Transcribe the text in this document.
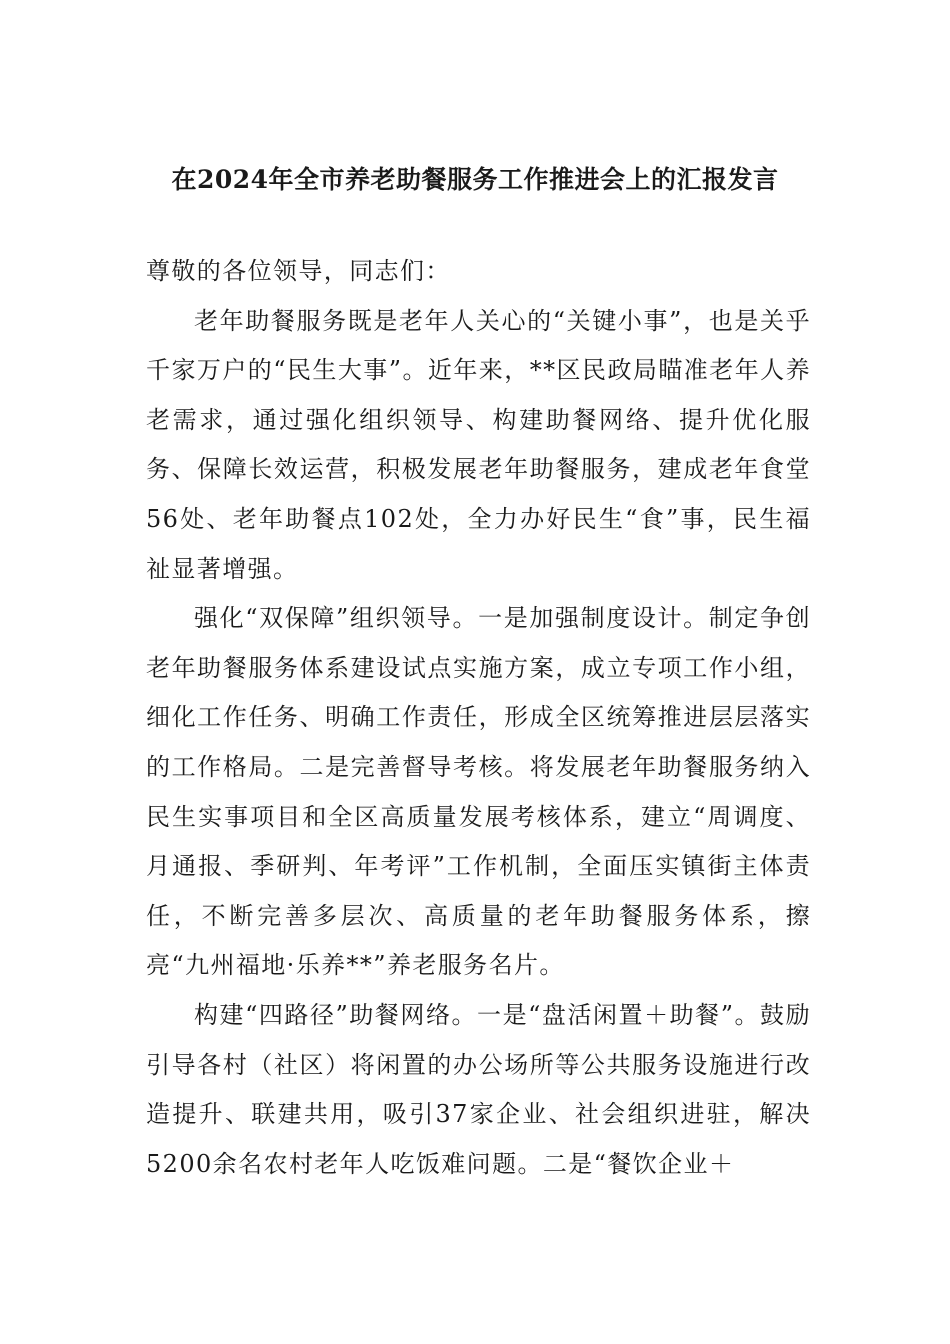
在2024年全市养老助餐服务工作推进会上的汇报发言

尊敬的各位领导，同志们：

老年助餐服务既是老年人关心的“关键小事”，也是关乎千家万户的“民生大事”。近年来，**区民政局瞄准老年人养老需求，通过强化组织领导、构建助餐网络、提升优化服务、保障长效运营，积极发展老年助餐服务，建成老年食堂56处、老年助餐点102处，全力办好民生“食”事，民生福祉显著增强。

强化“双保障”组织领导。一是加强制度设计。制定争创老年助餐服务体系建设试点实施方案，成立专项工作小组，细化工作任务、明确工作责任，形成全区统筹推进层层落实的工作格局。二是完善督导考核。将发展老年助餐服务纳入民生实事项目和全区高质量发展考核体系，建立“周调度、月通报、季研判、年考评”工作机制，全面压实镇街主体责任，不断完善多层次、高质量的老年助餐服务体系，擦亮“九州福地·乐养**”养老服务名片。

构建“四路径”助餐网络。一是“盘活闲置＋助餐”。鼓励引导各村（社区）将闲置的办公场所等公共服务设施进行改造提升、联建共用，吸引37家企业、社会组织进驻，解决5200余名农村老年人吃饭难问题。二是“餐饮企业＋
